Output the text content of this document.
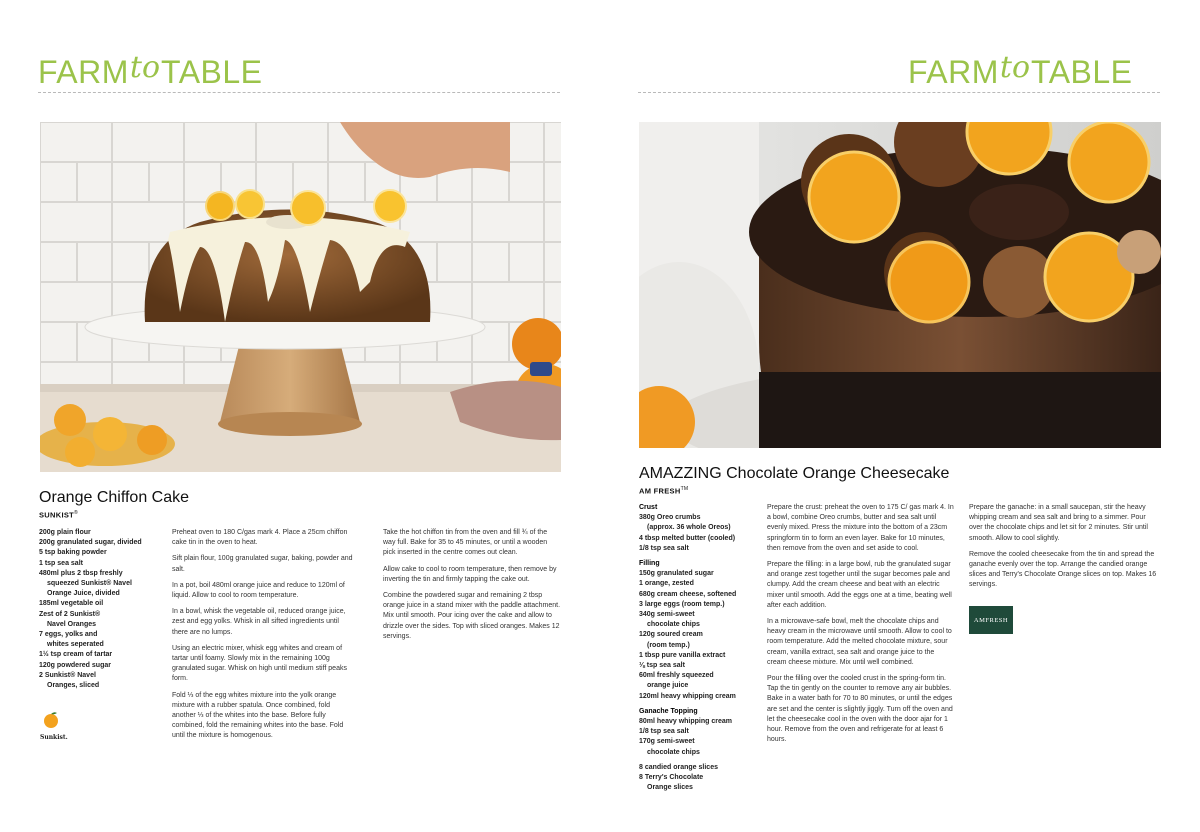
FARMtoTABLE
Orange Chiffon Cake
SUNKIST®
200g plain flour
200g granulated sugar, divided
5 tsp baking powder
1 tsp sea salt
480ml plus 2 tbsp freshly
squeezed Sunkist® Navel
Orange Juice, divided
185ml vegetable oil
Zest of 2 Sunkist®
Navel Oranges
7 eggs, yolks and
whites seperated
1½ tsp cream of tartar
120g powdered sugar
2 Sunkist® Navel
Oranges, sliced

Preheat oven to 180 C/gas mark 4. Place a 25cm chiffon cake tin in the oven to heat.

Sift plain flour, 100g granulated sugar, baking, powder and salt.

In a pot, boil 480ml orange juice and reduce to 120ml of liquid. Allow to cool to room temperature.

In a bowl, whisk the vegetable oil, reduced orange juice, zest and egg yolks. Whisk in all sifted ingredients until there are no lumps.

Using an electric mixer, whisk egg whites and cream of tartar until foamy. Slowly mix in the remaining 100g granulated sugar. Whisk on high until medium stiff peaks form.

Fold ⅓ of the egg whites mixture into the yolk orange mixture with a rubber spatula. Once combined, fold another ⅓ of the whites into the base. Before fully combined, fold the remaining whites into the base. Fold until the mixture is homogenous.

Take the hot chiffon tin from the oven and fill ¾ of the way full. Bake for 35 to 45 minutes, or until a wooden pick inserted in the centre comes out clean.

Allow cake to cool to room temperature, then remove by inverting the tin and firmly tapping the cake out.

Combine the powdered sugar and remaining 2 tbsp orange juice in a stand mixer with the paddle attachment. Mix until smooth. Pour icing over the cake and allow to drizzle over the sides. Top with sliced oranges. Makes 12 servings.

Sunkist.
FARMtoTABLE
AMAZZING Chocolate Orange Cheesecake
AM FRESH™
Crust
380g Oreo crumbs
(approx. 36 whole Oreos)
4 tbsp melted butter (cooled)
1/8 tsp sea salt
Filling
150g granulated sugar
1 orange, zested
680g cream cheese, softened
3 large eggs (room temp.)
340g semi-sweet
chocolate chips
120g soured cream
(room temp.)
1 tbsp pure vanilla extract
⅛ tsp sea salt
60ml freshly squeezed
orange juice
120ml heavy whipping cream
Ganache Topping
80ml heavy whipping cream
1/8 tsp sea salt
170g semi-sweet
chocolate chips
8 candied orange slices
8 Terry's Chocolate
Orange slices

Prepare the crust: preheat the oven to 175 C/ gas mark 4. In a bowl, combine Oreo crumbs, butter and sea salt until evenly mixed. Press the mixture into the bottom of a 23cm springform tin to form an even layer. Bake for 10 minutes, then remove from the oven and set aside to cool.

Prepare the filling: in a large bowl, rub the granulated sugar and orange zest together until the sugar becomes pale and clumpy. Add the cream cheese and beat with an electric mixer until smooth. Add the eggs one at a time, beating well after each addition.

In a microwave-safe bowl, melt the chocolate chips and heavy cream in the microwave until smooth. Allow to cool to room temperature. Add the melted chocolate mixture, sour cream, vanilla extract, sea salt and orange juice to the cream cheese mixture. Mix until well combined.

Pour the filling over the cooled crust in the spring-form tin. Tap the tin gently on the counter to remove any air bubbles. Bake in a water bath for 70 to 80 minutes, or until the edges are set and the center is slightly jiggly. Turn off the oven and let the cheesecake cool in the oven with the door ajar for 1 hour. Remove from the oven and refrigerate for at least 6 hours.

Prepare the ganache: in a small saucepan, stir the heavy whipping cream and sea salt and bring to a simmer. Pour over the chocolate chips and let sit for 2 minutes. Stir until smooth. Allow to cool slightly.

Remove the cooled cheesecake from the tin and spread the ganache evenly over the top. Arrange the candied orange slices and Terry's Chocolate Orange slices on top. Makes 16 servings.

AMFRESH
